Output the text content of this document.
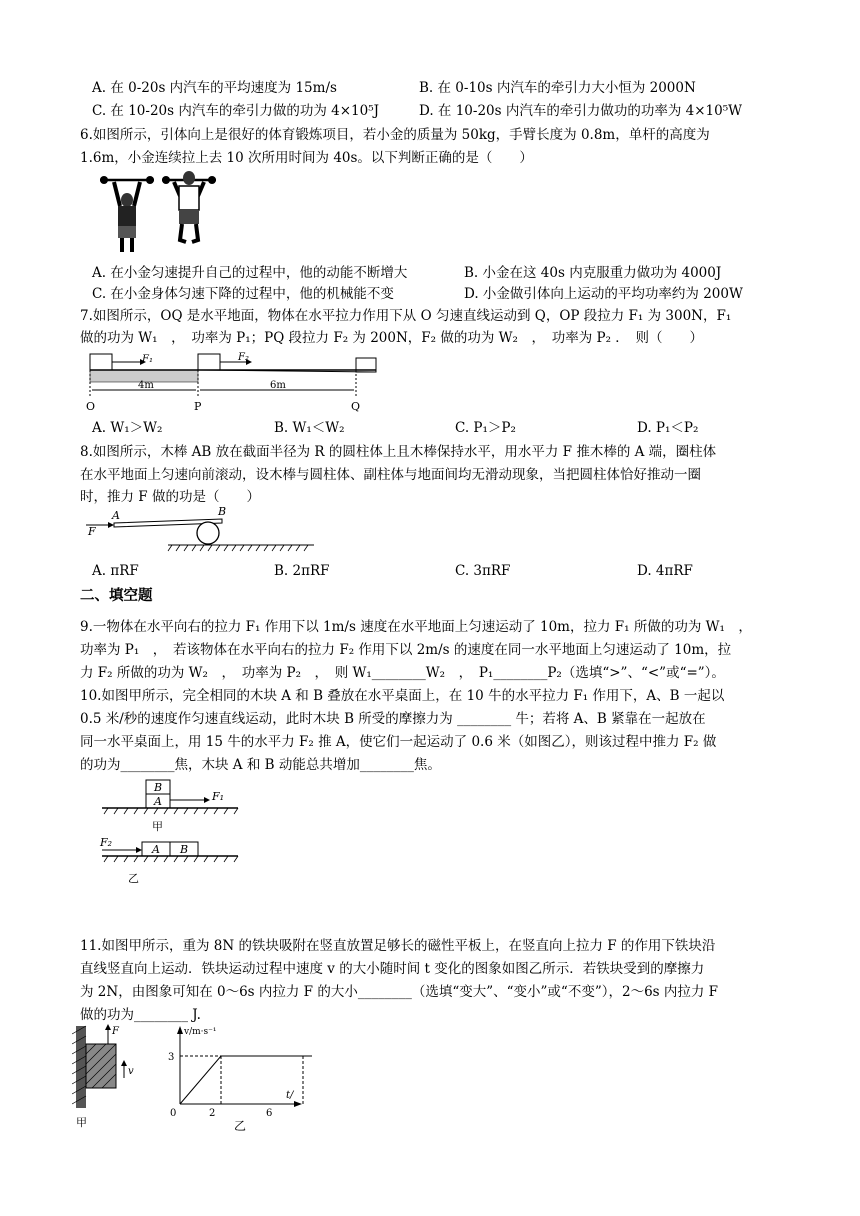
A. 在 0-20s 内汽车的平均速度为 15m/s	B. 在 0-10s 内汽车的牵引力大小恒为 2000N
C. 在 10-20s 内汽车的牵引力做的功为 4×10⁵J	D. 在 10-20s 内汽车的牵引力做功的功率为 4×10⁵W
6.如图所示，引体向上是很好的体育锻炼项目，若小金的质量为 50kg，手臂长度为 0.8m，单杆的高度为
1.6m，小金连续拉上去 10 次所用时间为 40s。以下判断正确的是（　　）
A. 在小金匀速提升自己的过程中，他的动能不断增大	B. 小金在这 40s 内克服重力做功为 4000J
C. 在小金身体匀速下降的过程中，他的机械能不变	D. 小金做引体向上运动的平均功率约为 200W
7.如图所示，OQ 是水平地面，物体在水平拉力作用下从 O 匀速直线运动到 Q，OP 段拉力 F₁ 为 300N，F₁
做的功为 W₁　，　功率为 P₁；PQ 段拉力 F₂ 为 200N，F₂ 做的功为 W₂　，　功率为 P₂ ．　则（　　）
F₁	F₂
4m	6m
O	P	Q
A. W₁＞W₂	B. W₁＜W₂	C. P₁＞P₂	D. P₁＜P₂
8.如图所示，木棒 AB 放在截面半径为 R 的圆柱体上且木棒保持水平，用水平力 F 推木棒的 A 端，圈柱体
在水平地面上匀速向前滚动，设木棒与圆柱体、副柱体与地面间均无滑动现象，当把圆柱体恰好推动一圈
时，推力 F 做的功是（　　）
F
A	B
A. πRF	B. 2πRF	C. 3πRF	D. 4πRF
二、填空题
9.一物体在水平向右的拉力 F₁ 作用下以 1m/s 速度在水平地面上匀速运动了 10m，拉力 F₁ 所做的功为 W₁　，
功率为 P₁　，　若该物体在水平向右的拉力 F₂ 作用下以 2m/s 的速度在同一水平地面上匀速运动了 10m，拉
力 F₂ 所做的功为 W₂　，　功率为 P₂　，　则 W₁________W₂　，　P₁________P₂（选填“>”、“<”或“=”）。
10.如图甲所示，完全相同的木块 A 和 B 叠放在水平桌面上，在 10 牛的水平拉力 F₁ 作用下，A、B 一起以
0.5 米/秒的速度作匀速直线运动，此时木块 B 所受的摩擦力为 ________ 牛；若将 A、B 紧靠在一起放在
同一水平桌面上，用 15 牛的水平力 F₂ 推 A，使它们一起运动了 0.6 米（如图乙），则该过程中推力 F₂ 做
的功为________焦，木块 A 和 B 动能总共增加________焦。
B
A	F₁
甲
F₂
A B
乙
11.如图甲所示，重为 8N 的铁块吸附在竖直放置足够长的磁性平板上，在竖直向上拉力 F 的作用下铁块沿
直线竖直向上运动．铁块运动过程中速度 v 的大小随时间 t 变化的图象如图乙所示．若铁块受到的摩擦力
为 2N，由图象可知在 0～6s 内拉力 F 的大小________（选填“变大”、“变小”或“不变”），2～6s 内拉力 F
做的功为________ J.
F
v
甲
v/m·s⁻¹
3
0	2	6
t/
乙
